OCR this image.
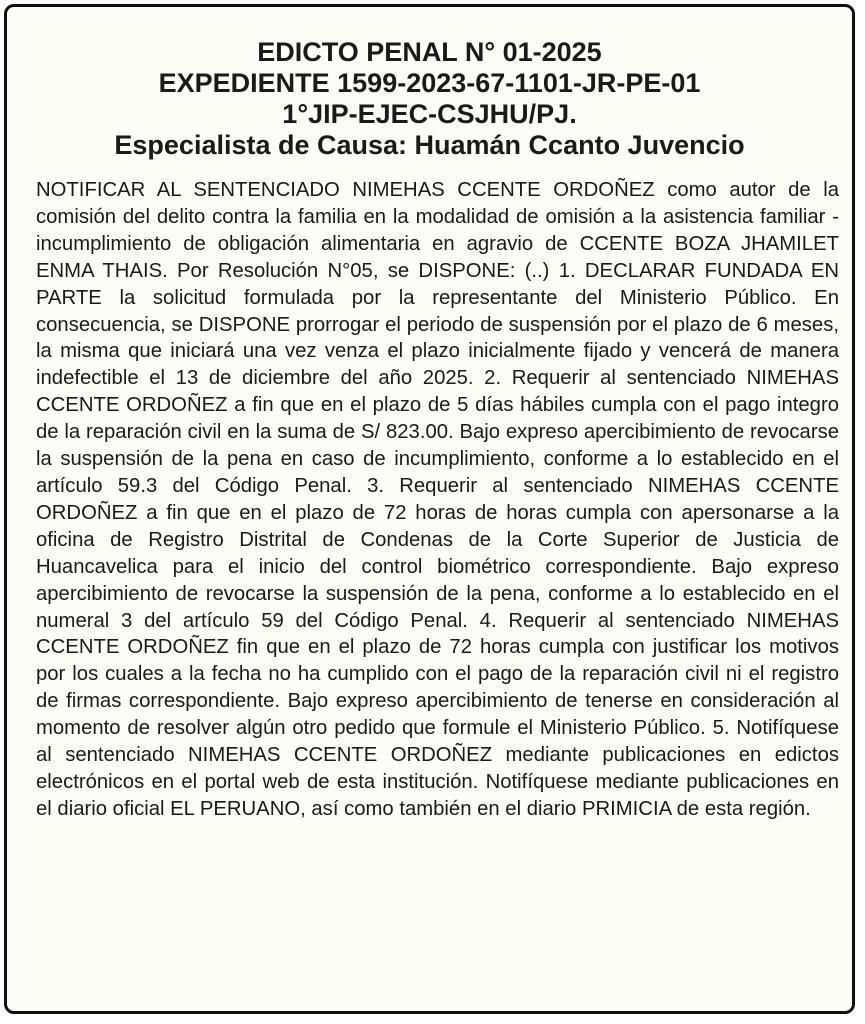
EDICTO PENAL N° 01-2025
EXPEDIENTE 1599-2023-67-1101-JR-PE-01
1°JIP-EJEC-CSJHU/PJ.
Especialista de Causa: Huamán Ccanto Juvencio
NOTIFICAR AL SENTENCIADO NIMEHAS CCENTE ORDOÑEZ como autor de la comisión del delito contra la familia en la modalidad de omisión a la asistencia familiar - incumplimiento de obligación alimentaria en agravio de CCENTE BOZA JHAMILET ENMA THAIS. Por Resolución N°05, se DISPONE: (..) 1. DECLARAR FUNDADA EN PARTE la solicitud formulada por la representante del Ministerio Público. En consecuencia, se DISPONE prorrogar el periodo de suspensión por el plazo de 6 meses, la misma que iniciará una vez venza el plazo inicialmente fijado y vencerá de manera indefectible el 13 de diciembre del año 2025. 2. Requerir al sentenciado NIMEHAS CCENTE ORDOÑEZ a fin que en el plazo de 5 días hábiles cumpla con el pago integro de la reparación civil en la suma de S/ 823.00. Bajo expreso apercibimiento de revocarse la suspensión de la pena en caso de incumplimiento, conforme a lo establecido en el artículo 59.3 del Código Penal. 3. Requerir al sentenciado NIMEHAS CCENTE ORDOÑEZ a fin que en el plazo de 72 horas de horas cumpla con apersonarse a la oficina de Registro Distrital de Condenas de la Corte Superior de Justicia de Huancavelica para el inicio del control biométrico correspondiente. Bajo expreso apercibimiento de revocarse la suspensión de la pena, conforme a lo establecido en el numeral 3 del artículo 59 del Código Penal. 4. Requerir al sentenciado NIMEHAS CCENTE ORDOÑEZ fin que en el plazo de 72 horas cumpla con justificar los motivos por los cuales a la fecha no ha cumplido con el pago de la reparación civil ni el registro de firmas correspondiente. Bajo expreso apercibimiento de tenerse en consideración al momento de resolver algún otro pedido que formule el Ministerio Público. 5. Notifíquese al sentenciado NIMEHAS CCENTE ORDOÑEZ mediante publicaciones en edictos electrónicos en el portal web de esta institución. Notifíquese mediante publicaciones en el diario oficial EL PERUANO, así como también en el diario PRIMICIA de esta región.
